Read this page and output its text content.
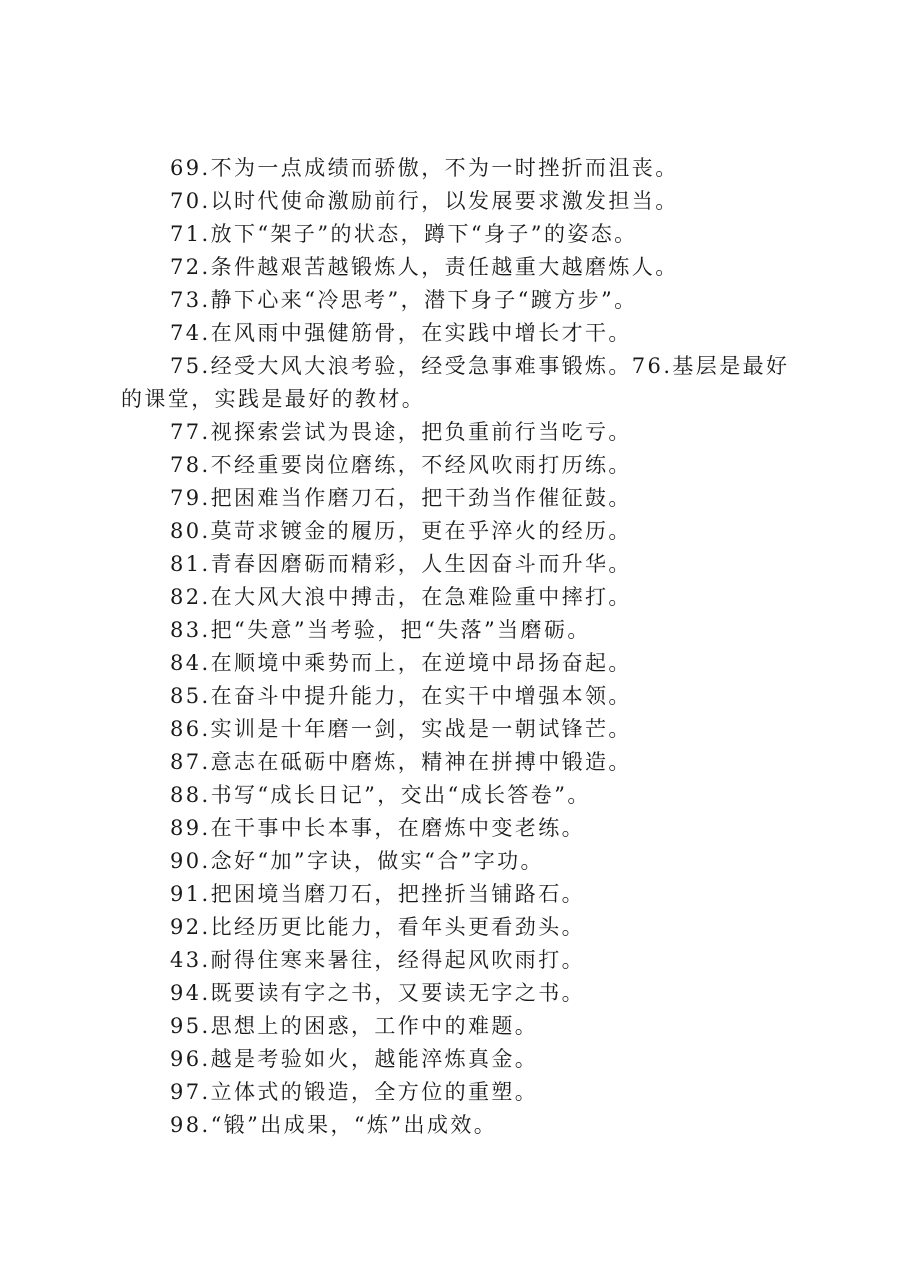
69.不为一点成绩而骄傲，不为一时挫折而沮丧。
70.以时代使命激励前行，以发展要求激发担当。
71.放下“架子”的状态，蹲下“身子”的姿态。
72.条件越艰苦越锻炼人，责任越重大越磨炼人。
73.静下心来“冷思考”，潜下身子“踱方步”。
74.在风雨中强健筋骨，在实践中增长才干。
75.经受大风大浪考验，经受急事难事锻炼。76.基层是最好的课堂，实践是最好的教材。
77.视探索尝试为畏途，把负重前行当吃亏。
78.不经重要岗位磨练，不经风吹雨打历练。
79.把困难当作磨刀石，把干劲当作催征鼓。
80.莫苛求镀金的履历，更在乎淬火的经历。
81.青春因磨砺而精彩，人生因奋斗而升华。
82.在大风大浪中搏击，在急难险重中摔打。
83.把“失意”当考验，把“失落”当磨砺。
84.在顺境中乘势而上，在逆境中昂扬奋起。
85.在奋斗中提升能力，在实干中增强本领。
86.实训是十年磨一剑，实战是一朝试锋芒。
87.意志在砥砺中磨炼，精神在拼搏中锻造。
88.书写“成长日记”，交出“成长答卷”。
89.在干事中长本事，在磨炼中变老练。
90.念好“加”字诀，做实“合”字功。
91.把困境当磨刀石，把挫折当铺路石。
92.比经历更比能力，看年头更看劲头。
43.耐得住寒来暑往，经得起风吹雨打。
94.既要读有字之书，又要读无字之书。
95.思想上的困惑，工作中的难题。
96.越是考验如火，越能淬炼真金。
97.立体式的锻造，全方位的重塑。
98.“锻”出成果，“炼”出成效。
